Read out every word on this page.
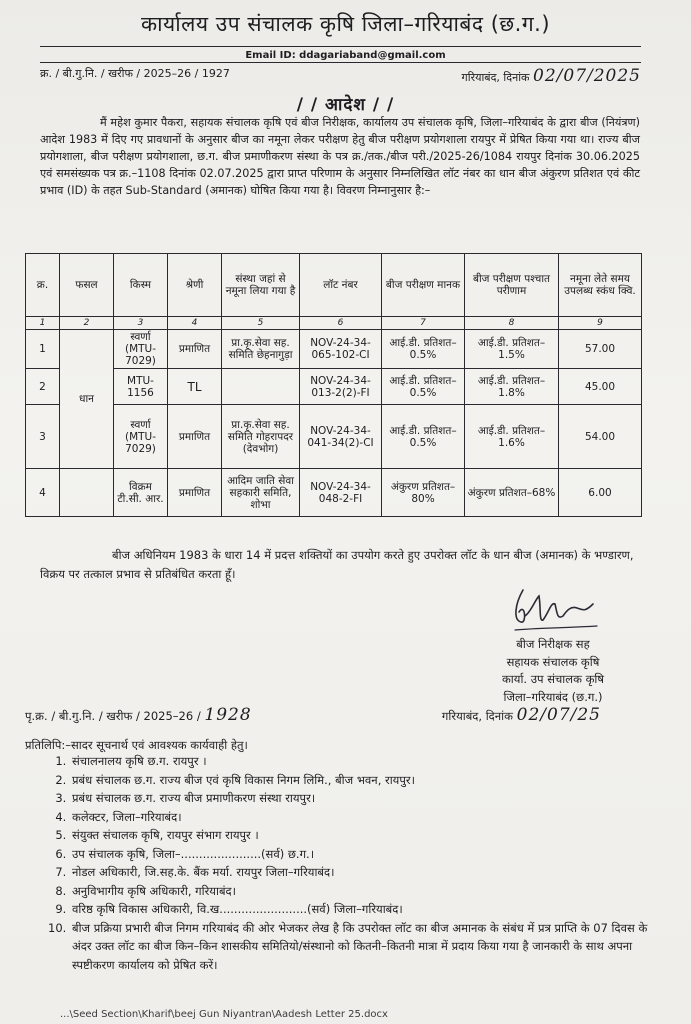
कार्यालय उप संचालक कृषि जिला–गरियाबंद (छ.ग.)
Email ID: ddagariaband@gmail.com
क्र. / बी.गु.नि. / खरीफ / 2025–26 / 1927	गरियाबंद, दिनांक 02/07/2025
/ / आदेश / /
मैं महेश कुमार पैकरा, सहायक संचालक कृषि एवं बीज निरीक्षक, कार्यालय उप संचालक कृषि, जिला–गरियाबंद के द्वारा बीज (नियंत्रण) आदेश 1983 में दिए गए प्रावधानों के अनुसार बीज का नमूना लेकर परीक्षण हेतु बीज परीक्षण प्रयोगशाला रायपुर में प्रेषित किया गया था। राज्य बीज प्रयोगशाला, बीज परीक्षण प्रयोगशाला, छ.ग. बीज प्रमाणीकरण संस्था के पत्र क्र./तक./बीज परी./2025-26/1084 रायपुर दिनांक 30.06.2025 एवं समसंख्यक पत्र क्र.–1108 दिनांक 02.07.2025 द्वारा प्राप्त परिणाम के अनुसार निम्नलिखित लॉट नंबर का धान बीज अंकुरण प्रतिशत एवं कीट प्रभाव (ID) के तहत Sub-Standard (अमानक) घोषित किया गया है। विवरण निम्नानुसार है:–
क्र.	फसल	किस्म	श्रेणी	संस्था जहां से नमूना लिया गया है	लॉट नंबर	बीज परीक्षण मानक	बीज परीक्षण पश्चात परीणाम	नमूना लेते समय उपलब्ध स्कंध क्वि.
1	2	3	4	5	6	7	8	9
1	धान	स्वर्णा (MTU-7029)	प्रमाणित	प्रा.कृ.सेवा सह. समिति छेहनागुड़ा	NOV-24-34-065-102-CI	आई.डी. प्रतिशत–0.5%	आई.डी. प्रतिशत–1.5%	57.00
2		MTU-1156	TL		NOV-24-34-013-2(2)-FI	आई.डी. प्रतिशत–0.5%	आई.डी. प्रतिशत–1.8%	45.00
3		स्वर्णा (MTU-7029)	प्रमाणित	प्रा.कृ.सेवा सह. समिति गोहरापदर (देवभोग)	NOV-24-34-041-34(2)-CI	आई.डी. प्रतिशत–0.5%	आई.डी. प्रतिशत–1.6%	54.00
4		विक्रम टी.सी. आर.	प्रमाणित	आदिम जाति सेवा सहकारी समिति, शोभा	NOV-24-34-048-2-FI	अंकुरण प्रतिशत–80%	अंकुरण प्रतिशत–68%	6.00
बीज अधिनियम 1983 के धारा 14 में प्रदत्त शक्तियों का उपयोग करते हुए उपरोक्त लॉट के धान बीज (अमानक) के भण्डारण, विक्रय पर तत्काल प्रभाव से प्रतिबंधित करता हूँ।
बीज निरीक्षक सह
सहायक संचालक कृषि
कार्या. उप संचालक कृषि
जिला–गरियाबंद (छ.ग.)
पृ.क्र. / बी.गु.नि. / खरीफ / 2025–26 / 1928	गरियाबंद, दिनांक 02/07/25
प्रतिलिपि:–सादर सूचनार्थ एवं आवश्यक कार्यवाही हेतु।
1. संचालनालय कृषि छ.ग. रायपुर ।
2. प्रबंध संचालक छ.ग. राज्य बीज एवं कृषि विकास निगम लिमि., बीज भवन, रायपुर।
3. प्रबंध संचालक छ.ग. राज्य बीज प्रमाणीकरण संस्था रायपुर।
4. कलेक्टर, जिला–गरियाबंद।
5. संयुक्त संचालक कृषि, रायपुर संभाग रायपुर ।
6. उप संचालक कृषि, जिला–......................(सर्व) छ.ग.।
7. नोडल अधिकारी, जि.सह.के. बैंक मर्या. रायपुर जिला–गरियाबंद।
8. अनुविभागीय कृषि अधिकारी, गरियाबंद।
9. वरिष्ठ कृषि विकास अधिकारी, वि.ख........................(सर्व) जिला–गरियाबंद।
10. बीज प्रक्रिया प्रभारी बीज निगम गरियाबंद की ओर भेजकर लेख है कि उपरोक्त लॉट का बीज अमानक के संबंध में प्रत्र प्राप्ति के 07 दिवस के अंदर उक्त लॉट का बीज किन–किन शासकीय समितियो/संस्थानो को कितनी–कितनी मात्रा में प्रदाय किया गया है जानकारी के साथ अपना स्पष्टीकरण कार्यालय को प्रेषित करें।
...\Seed Section\Kharif\beej Gun Niyantran\Aadesh Letter 25.docx
